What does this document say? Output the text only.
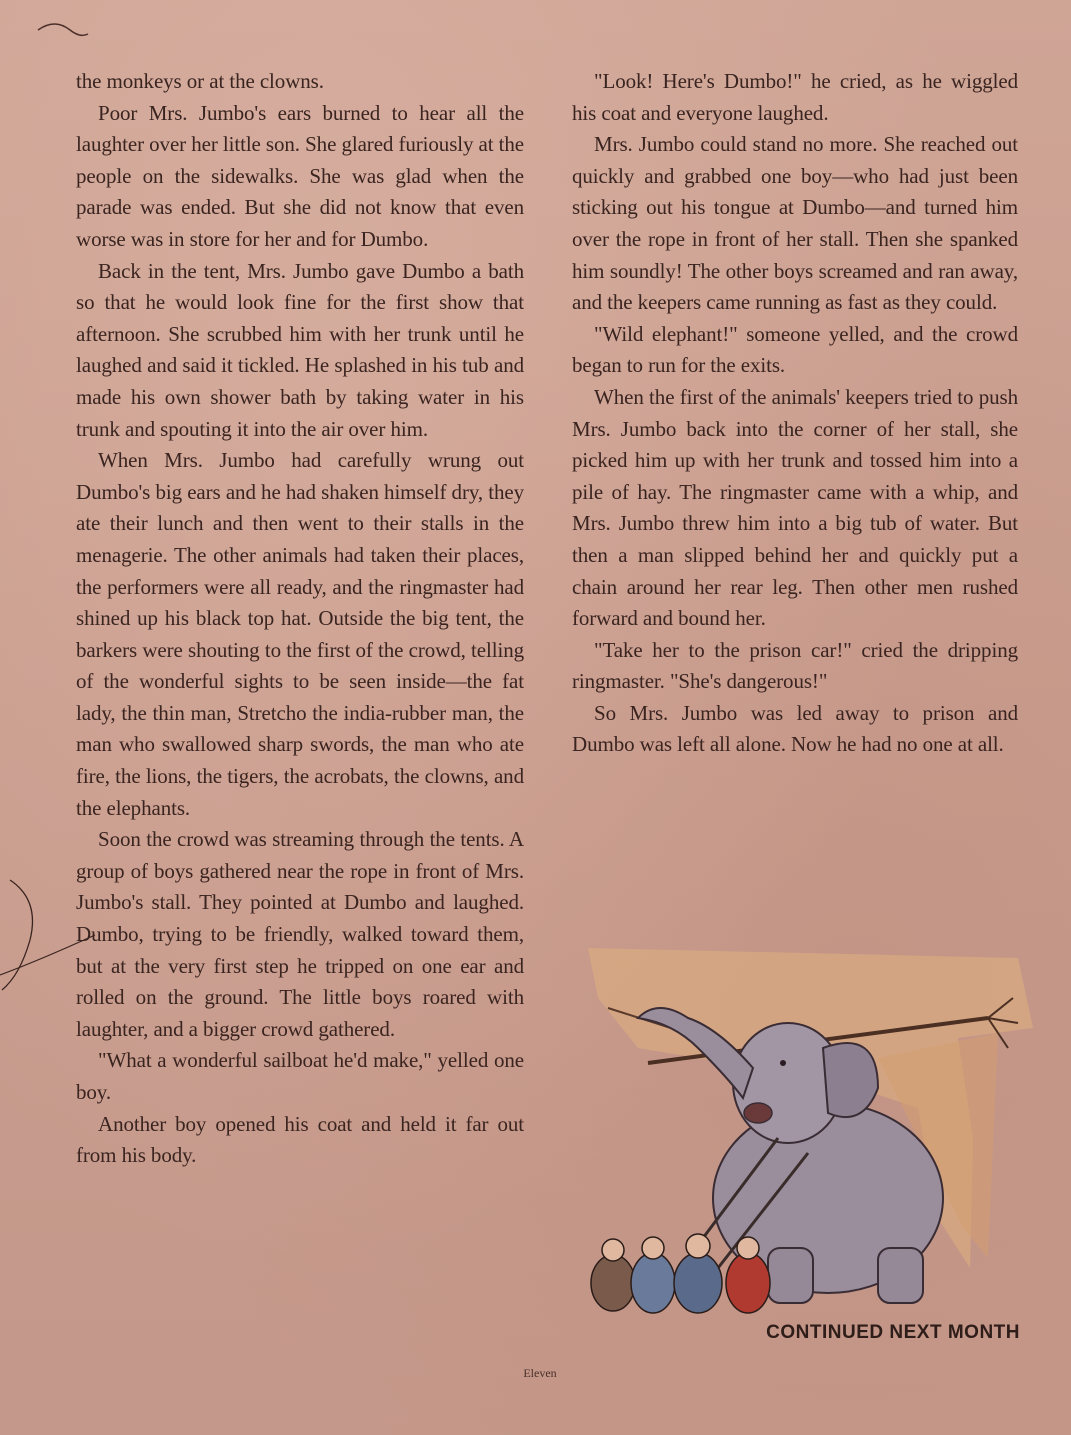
the monkeys or at the clowns.

Poor Mrs. Jumbo's ears burned to hear all the laughter over her little son. She glared furiously at the people on the sidewalks. She was glad when the parade was ended. But she did not know that even worse was in store for her and for Dumbo.

Back in the tent, Mrs. Jumbo gave Dumbo a bath so that he would look fine for the first show that afternoon. She scrubbed him with her trunk until he laughed and said it tickled. He splashed in his tub and made his own shower bath by taking water in his trunk and spouting it into the air over him.

When Mrs. Jumbo had carefully wrung out Dumbo's big ears and he had shaken himself dry, they ate their lunch and then went to their stalls in the menagerie. The other animals had taken their places, the performers were all ready, and the ringmaster had shined up his black top hat. Outside the big tent, the barkers were shouting to the first of the crowd, telling of the wonderful sights to be seen inside—the fat lady, the thin man, Stretcho the india-rubber man, the man who swallowed sharp swords, the man who ate fire, the lions, the tigers, the acrobats, the clowns, and the elephants.

Soon the crowd was streaming through the tents. A group of boys gathered near the rope in front of Mrs. Jumbo's stall. They pointed at Dumbo and laughed. Dumbo, trying to be friendly, walked toward them, but at the very first step he tripped on one ear and rolled on the ground. The little boys roared with laughter, and a bigger crowd gathered.

"What a wonderful sailboat he'd make," yelled one boy.

Another boy opened his coat and held it far out from his body.

"Look! Here's Dumbo!" he cried, as he wiggled his coat and everyone laughed.

Mrs. Jumbo could stand no more. She reached out quickly and grabbed one boy—who had just been sticking out his tongue at Dumbo—and turned him over the rope in front of her stall. Then she spanked him soundly! The other boys screamed and ran away, and the keepers came running as fast as they could.

"Wild elephant!" someone yelled, and the crowd began to run for the exits.

When the first of the animals' keepers tried to push Mrs. Jumbo back into the corner of her stall, she picked him up with her trunk and tossed him into a pile of hay. The ringmaster came with a whip, and Mrs. Jumbo threw him into a big tub of water. But then a man slipped behind her and quickly put a chain around her rear leg. Then other men rushed forward and bound her.

"Take her to the prison car!" cried the dripping ringmaster. "She's dangerous!"

So Mrs. Jumbo was led away to prison and Dumbo was left all alone. Now he had no one at all.

CONTINUED NEXT MONTH
Eleven
